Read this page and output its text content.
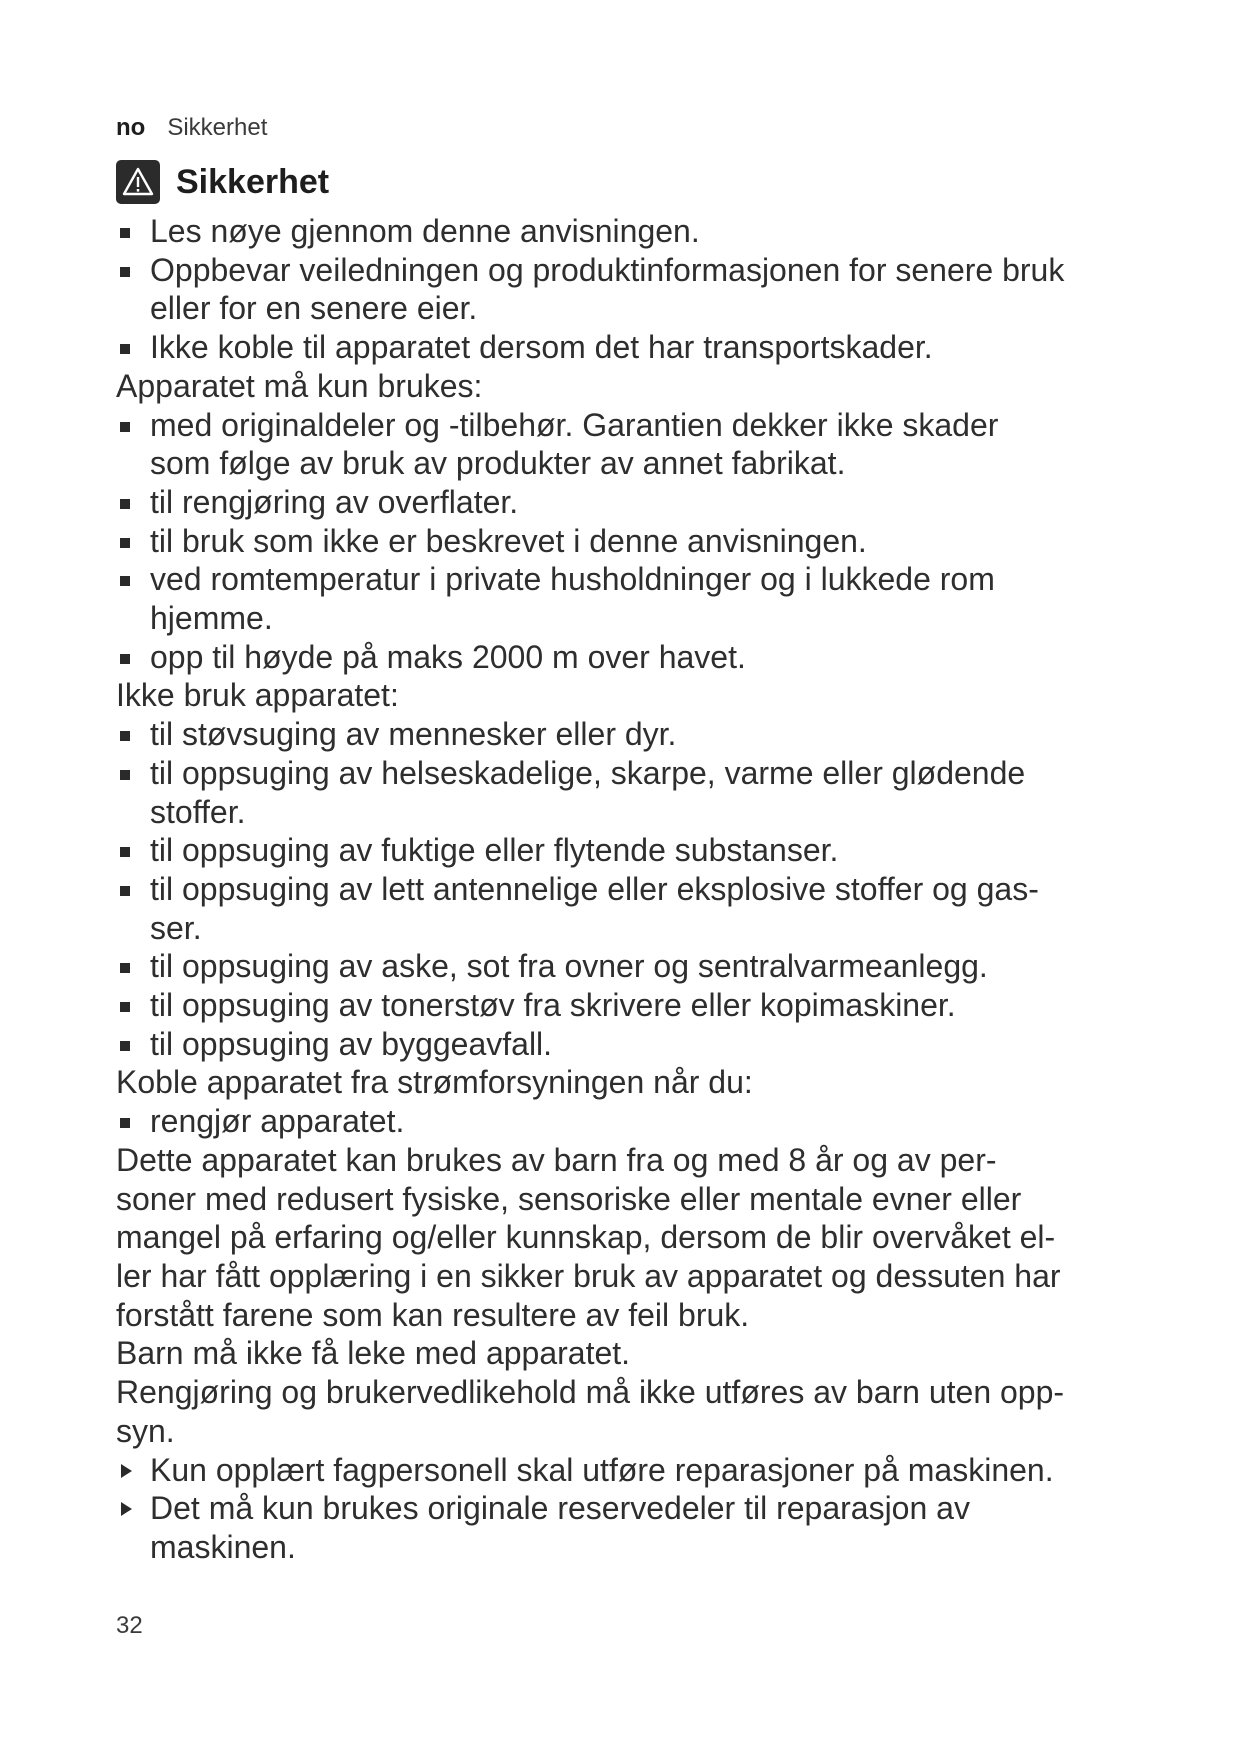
no Sikkerhet
Sikkerhet
Les nøye gjennom denne anvisningen.
Oppbevar veiledningen og produktinformasjonen for senere bruk
eller for en senere eier.
Ikke koble til apparatet dersom det har transportskader.
Apparatet må kun brukes:
med originaldeler og -tilbehør. Garantien dekker ikke skader
som følge av bruk av produkter av annet fabrikat.
til rengjøring av overflater.
til bruk som ikke er beskrevet i denne anvisningen.
ved romtemperatur i private husholdninger og i lukkede rom
hjemme.
opp til høyde på maks 2000 m over havet.
Ikke bruk apparatet:
til støvsuging av mennesker eller dyr.
til oppsuging av helseskadelige, skarpe, varme eller glødende
stoffer.
til oppsuging av fuktige eller flytende substanser.
til oppsuging av lett antennelige eller eksplosive stoffer og gas-
ser.
til oppsuging av aske, sot fra ovner og sentralvarmeanlegg.
til oppsuging av tonerstøv fra skrivere eller kopimaskiner.
til oppsuging av byggeavfall.
Koble apparatet fra strømforsyningen når du:
rengjør apparatet.
Dette apparatet kan brukes av barn fra og med 8 år og av per-
soner med redusert fysiske, sensoriske eller mentale evner eller
mangel på erfaring og/eller kunnskap, dersom de blir overvåket el-
ler har fått opplæring i en sikker bruk av apparatet og dessuten har
forstått farene som kan resultere av feil bruk.
Barn må ikke få leke med apparatet.
Rengjøring og brukervedlikehold må ikke utføres av barn uten opp-
syn.
Kun opplært fagpersonell skal utføre reparasjoner på maskinen.
Det må kun brukes originale reservedeler til reparasjon av
maskinen.
32
